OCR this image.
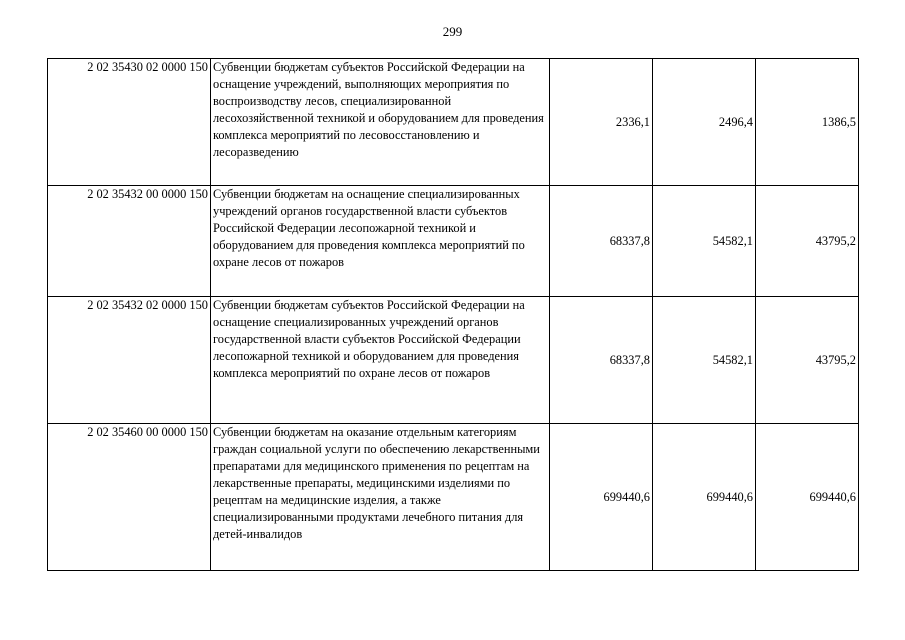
299
2 02 35430 02 0000 150	Субвенции бюджетам субъектов Российской Федерации на оснащение учреждений, выполняющих мероприятия по воспроизводству лесов, специализированной лесохозяйственной техникой и оборудованием для проведения комплекса мероприятий по лесовосстановлению и лесоразведению	2336,1	2496,4	1386,5
2 02 35432 00 0000 150	Субвенции бюджетам на оснащение специализированных учреждений органов государственной власти субъектов Российской Федерации лесопожарной техникой и оборудованием для проведения комплекса мероприятий по охране лесов от пожаров	68337,8	54582,1	43795,2
2 02 35432 02 0000 150	Субвенции бюджетам субъектов Российской Федерации на оснащение специализированных учреждений органов государственной власти субъектов Российской Федерации лесопожарной техникой и оборудованием для проведения комплекса мероприятий по охране лесов от пожаров	68337,8	54582,1	43795,2
2 02 35460 00 0000 150	Субвенции бюджетам на оказание отдельным категориям граждан социальной услуги по обеспечению лекарственными препаратами для медицинского применения по рецептам на лекарственные препараты, медицинскими изделиями по рецептам на медицинские изделия, а также специализированными продуктами лечебного питания для детей-инвалидов	699440,6	699440,6	699440,6
